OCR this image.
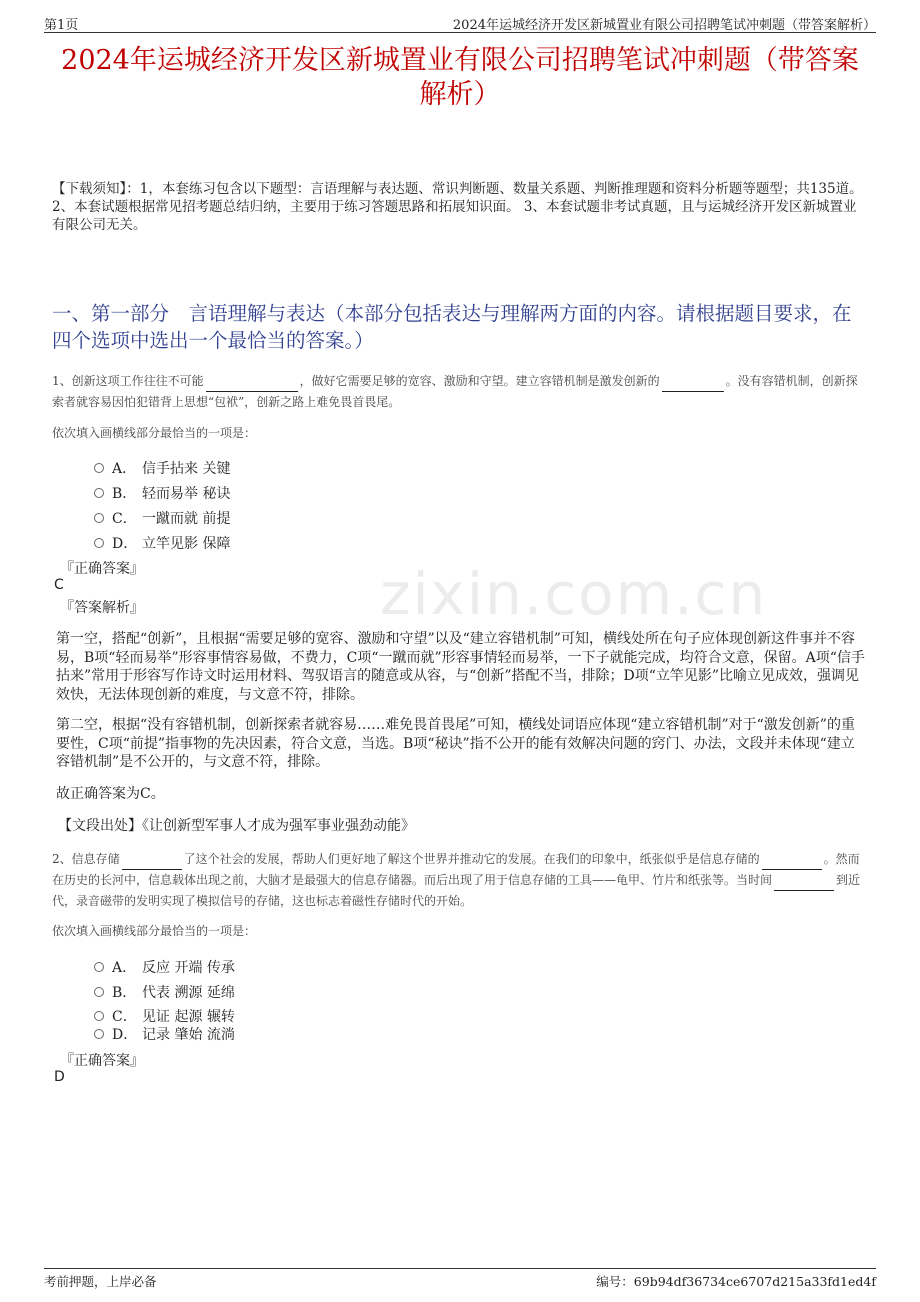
第1页	2024年运城经济开发区新城置业有限公司招聘笔试冲刺题（带答案解析）
2024年运城经济开发区新城置业有限公司招聘笔试冲刺题（带答案解析）
【下载须知】：1，本套练习包含以下题型：言语理解与表达题、常识判断题、数量关系题、判断推理题和资料分析题等题型；共135道。 2、本套试题根据常见招考题总结归纳，主要用于练习答题思路和拓展知识面。 3、本套试题非考试真题，且与运城经济开发区新城置业有限公司无关。
一、第一部分　言语理解与表达（本部分包括表达与理解两方面的内容。请根据题目要求，在四个选项中选出一个最恰当的答案。）
zixin.com.cn
1、创新这项工作往往不可能	，做好它需要足够的宽容、激励和守望。建立容错机制是激发创新的	。没有容错机制，创新探索者就容易因怕犯错背上思想“包袱”，创新之路上难免畏首畏尾。
依次填入画横线部分最恰当的一项是：
A． 信手拈来 关键
B． 轻而易举 秘诀
C． 一蹴而就 前提
D． 立竿见影 保障
『正确答案』
C
『答案解析』
第一空，搭配“创新”，且根据“需要足够的宽容、激励和守望”以及“建立容错机制”可知，横线处所在句子应体现创新这件事并不容易，B项“轻而易举”形容事情容易做，不费力，C项“一蹴而就”形容事情轻而易举，一下子就能完成，均符合文意，保留。A项“信手拈来”常用于形容写作诗文时运用材料、驾驭语言的随意或从容，与“创新”搭配不当，排除；D项“立竿见影”比喻立见成效，强调见效快，无法体现创新的难度，与文意不符，排除。
第二空，根据“没有容错机制，创新探索者就容易……难免畏首畏尾”可知，横线处词语应体现“建立容错机制”对于“激发创新”的重要性，C项“前提”指事物的先决因素，符合文意，当选。B项“秘诀”指不公开的能有效解决问题的窍门、办法，文段并未体现“建立容错机制”是不公开的，与文意不符，排除。
故正确答案为C。
【文段出处】《让创新型军事人才成为强军事业强劲动能》
2、信息存储	了这个社会的发展，帮助人们更好地了解这个世界并推动它的发展。在我们的印象中，纸张似乎是信息存储的	。然而在历史的长河中，信息载体出现之前，大脑才是最强大的信息存储器。而后出现了用于信息存储的工具——龟甲、竹片和纸张等。当时间	到近代，录音磁带的发明实现了模拟信号的存储，这也标志着磁性存储时代的开始。
依次填入画横线部分最恰当的一项是：
A． 反应 开端 传承
B． 代表 溯源 延绵
C． 见证 起源 辗转
D． 记录 肇始 流淌
『正确答案』
D
考前押题，上岸必备	编号：69b94df36734ce6707d215a33fd1ed4f
